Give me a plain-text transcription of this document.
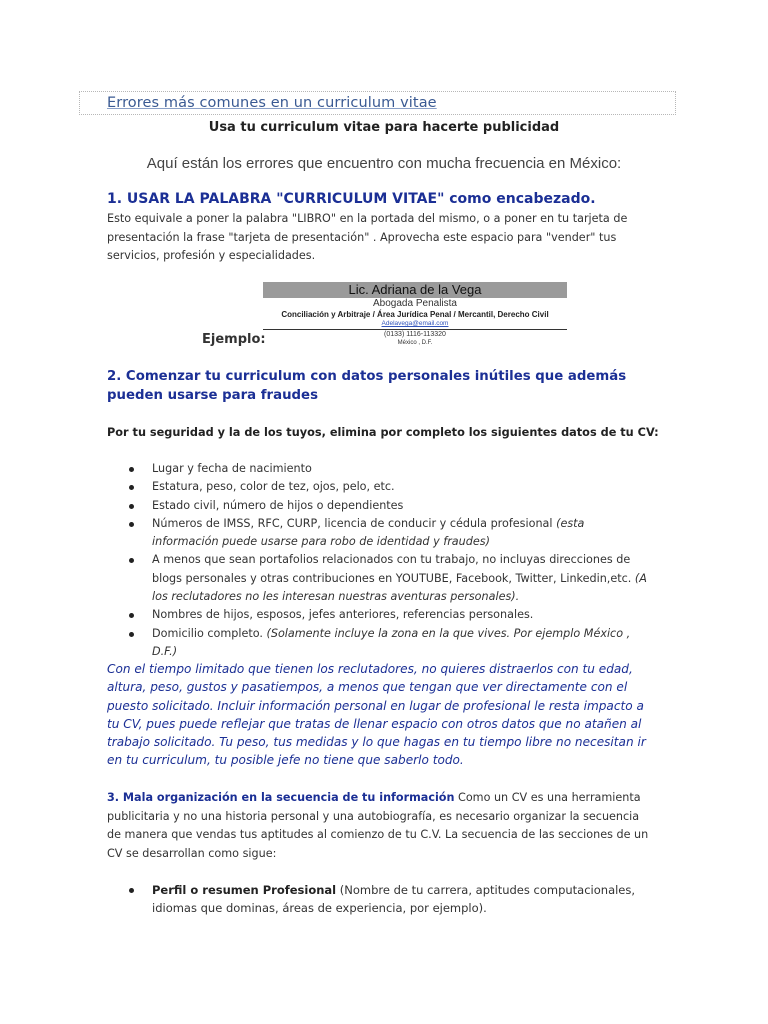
Errores más comunes en un curriculum vitae
Usa tu curriculum vitae para hacerte publicidad
Aquí están los errores que encuentro con mucha frecuencia en México:
1. USAR LA PALABRA "CURRICULUM VITAE" como encabezado.
Esto equivale a poner la palabra "LIBRO" en la portada del mismo, o a poner en tu tarjeta de presentación la frase "tarjeta de presentación" . Aprovecha este espacio para "vender" tus servicios, profesión y especialidades.
Lic. Adriana de la Vega
Abogada Penalista
Conciliación y Arbitraje / Área Jurídica Penal / Mercantil, Derecho Civil
Adelavega@email.com
(0133) 1116-113320
México , D.F.
Ejemplo:
2. Comenzar tu curriculum con datos personales inútiles que además pueden usarse para fraudes
Por tu seguridad y la de los tuyos, elimina por completo los siguientes datos de tu CV:
Lugar y fecha de nacimiento
Estatura, peso, color de tez, ojos, pelo, etc.
Estado civil, número de hijos o dependientes
Números de IMSS, RFC, CURP, licencia de conducir y cédula profesional (esta información puede usarse para robo de identidad y fraudes)
A menos que sean portafolios relacionados con tu trabajo, no incluyas direcciones de blogs personales y otras contribuciones en YOUTUBE, Facebook, Twitter, Linkedin,etc. (A los reclutadores no les interesan nuestras aventuras personales).
Nombres de hijos, esposos, jefes anteriores, referencias personales.
Domicilio completo. (Solamente incluye la zona en la que vives. Por ejemplo México , D.F.)
Con el tiempo limitado que tienen los reclutadores, no quieres distraerlos con tu edad, altura, peso, gustos y pasatiempos, a menos que tengan que ver directamente con el puesto solicitado. Incluir información personal en lugar de profesional le resta impacto a tu CV, pues puede reflejar que tratas de llenar espacio con otros datos que no atañen al trabajo solicitado. Tu peso, tus medidas y lo que hagas en tu tiempo libre no necesitan ir en tu curriculum, tu posible jefe no tiene que saberlo todo.
3. Mala organización en la secuencia de tu información Como un CV es una herramienta publicitaria y no una historia personal y una autobiografía, es necesario organizar la secuencia de manera que vendas tus aptitudes al comienzo de tu C.V. La secuencia de las secciones de un CV se desarrollan como sigue:
Perfil o resumen Profesional (Nombre de tu carrera, aptitudes computacionales, idiomas que dominas, áreas de experiencia, por ejemplo).
